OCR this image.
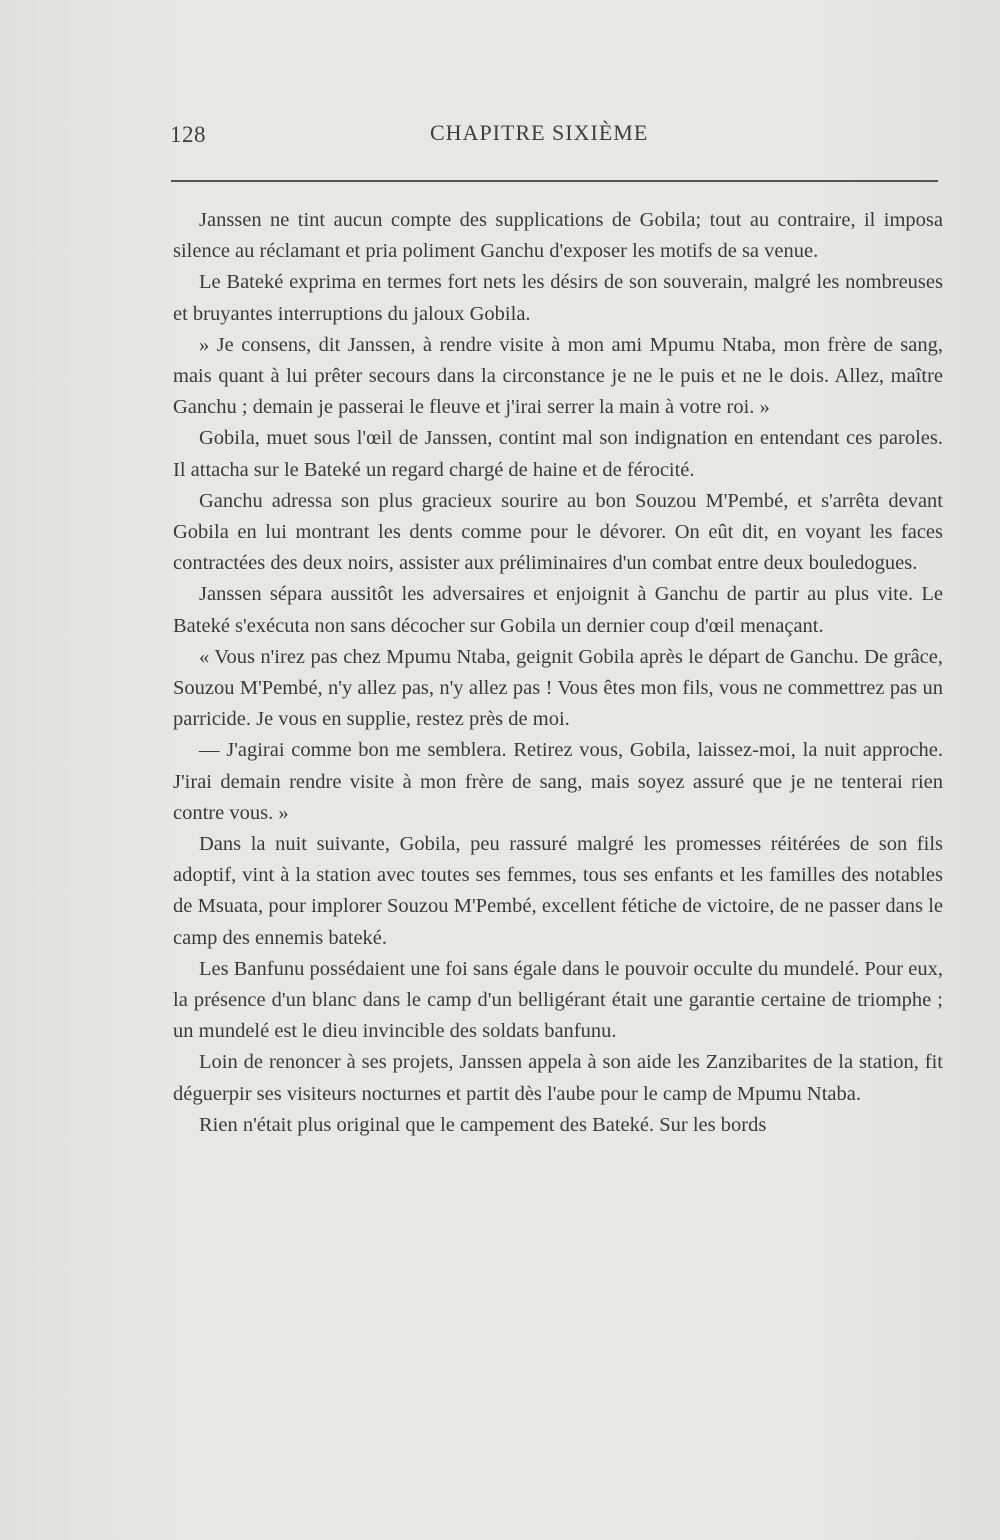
128	CHAPITRE SIXIÈME

Janssen ne tint aucun compte des supplications de Gobila; tout au contraire, il imposa silence au réclamant et pria poliment Ganchu d'exposer les motifs de sa venue.

Le Bateké exprima en termes fort nets les désirs de son souverain, malgré les nombreuses et bruyantes interruptions du jaloux Gobila.

» Je consens, dit Janssen, à rendre visite à mon ami Mpumu Ntaba, mon frère de sang, mais quant à lui prêter secours dans la circonstance je ne le puis et ne le dois. Allez, maître Ganchu ; demain je passerai le fleuve et j'irai serrer la main à votre roi. »

Gobila, muet sous l'œil de Janssen, contint mal son indignation en entendant ces paroles. Il attacha sur le Bateké un regard chargé de haine et de férocité.

Ganchu adressa son plus gracieux sourire au bon Souzou M'Pembé, et s'arrêta devant Gobila en lui montrant les dents comme pour le dévorer. On eût dit, en voyant les faces contractées des deux noirs, assister aux préliminaires d'un combat entre deux bouledogues.

Janssen sépara aussitôt les adversaires et enjoignit à Ganchu de partir au plus vite. Le Bateké s'exécuta non sans décocher sur Gobila un dernier coup d'œil menaçant.

« Vous n'irez pas chez Mpumu Ntaba, geignit Gobila après le départ de Ganchu. De grâce, Souzou M'Pembé, n'y allez pas, n'y allez pas ! Vous êtes mon fils, vous ne commettrez pas un parricide. Je vous en supplie, restez près de moi.

— J'agirai comme bon me semblera. Retirez vous, Gobila, laissez-moi, la nuit approche. J'irai demain rendre visite à mon frère de sang, mais soyez assuré que je ne tenterai rien contre vous. »

Dans la nuit suivante, Gobila, peu rassuré malgré les promesses réitérées de son fils adoptif, vint à la station avec toutes ses femmes, tous ses enfants et les familles des notables de Msuata, pour implorer Souzou M'Pembé, excellent fétiche de victoire, de ne passer dans le camp des ennemis bateké.

Les Banfunu possédaient une foi sans égale dans le pouvoir occulte du mundelé. Pour eux, la présence d'un blanc dans le camp d'un belligérant était une garantie certaine de triomphe ; un mundelé est le dieu invincible des soldats banfunu.

Loin de renoncer à ses projets, Janssen appela à son aide les Zanzibarites de la station, fit déguerpir ses visiteurs nocturnes et partit dès l'aube pour le camp de Mpumu Ntaba.

Rien n'était plus original que le campement des Bateké. Sur les bords
